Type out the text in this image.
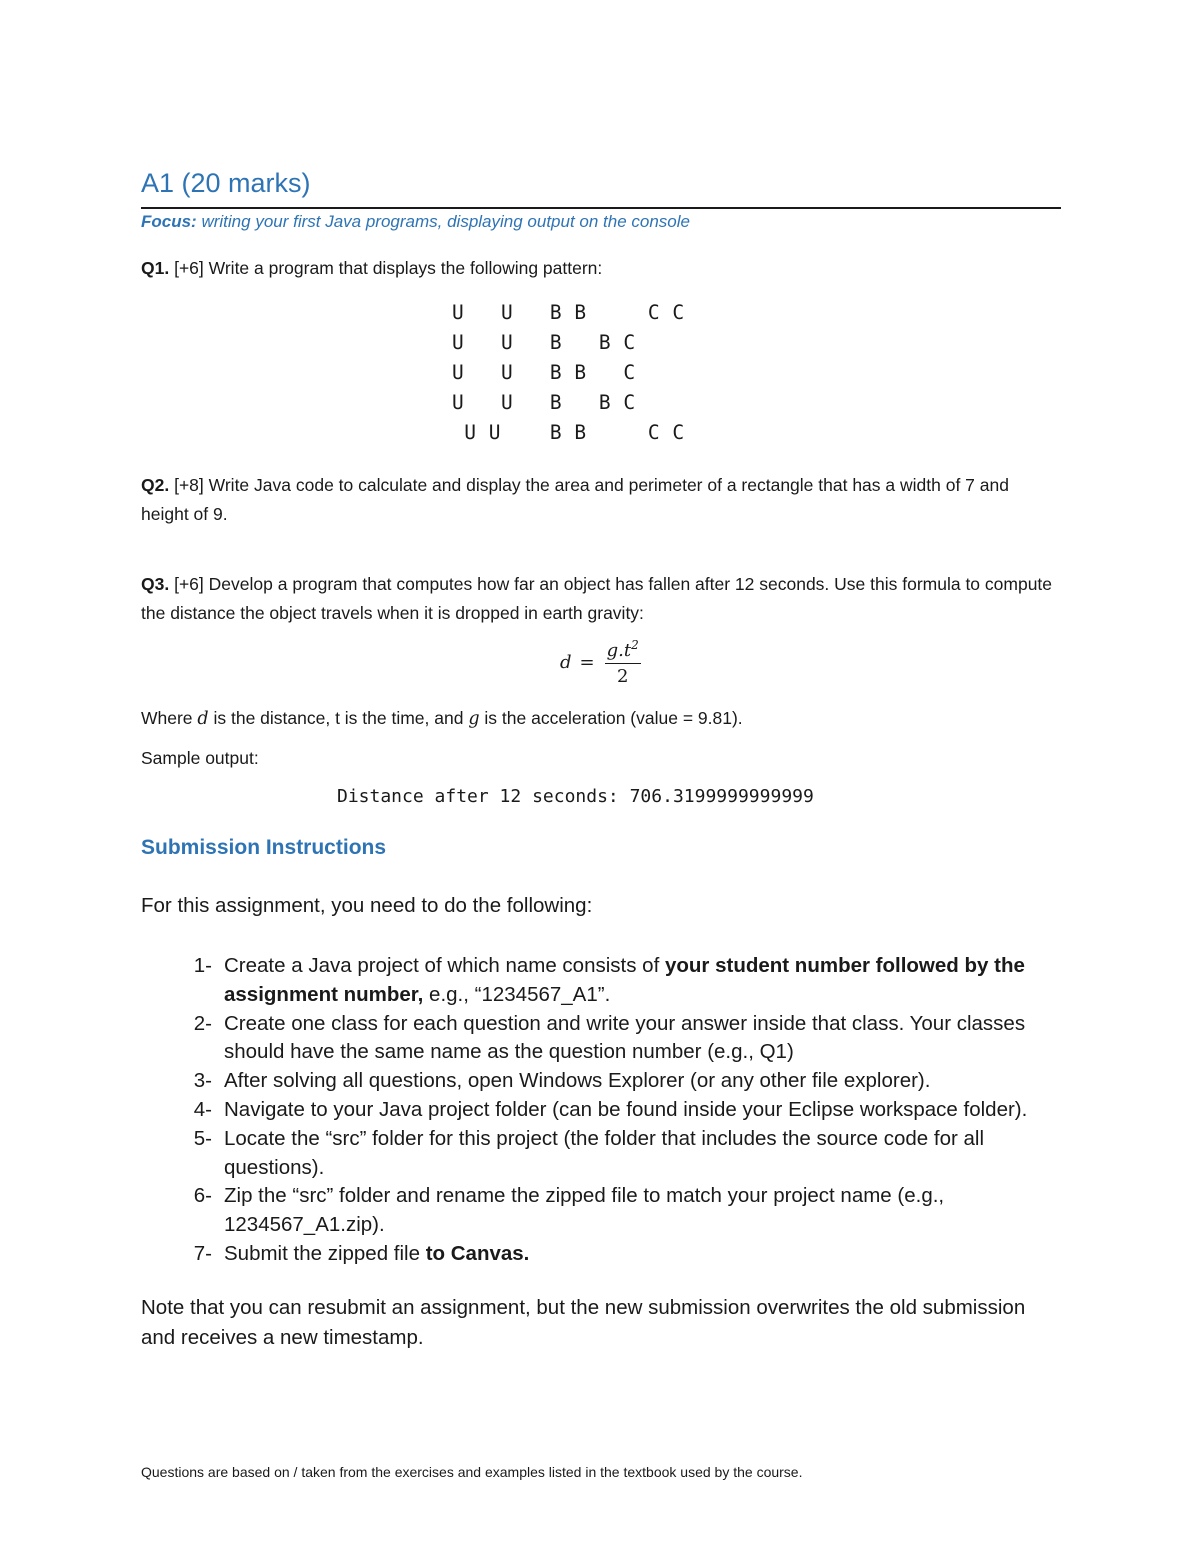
A1 (20 marks)
Focus: writing your first Java programs, displaying output on the console
Q1. [+6] Write a program that displays the following pattern:
U   U   B B     C C
U   U   B   B C
U   U   B B   C
U   U   B   B C
U U    B B     C C
Q2. [+8] Write Java code to calculate and display the area and perimeter of a rectangle that has a width of 7 and height of 9.
Q3. [+6] Develop a program that computes how far an object has fallen after 12 seconds. Use this formula to compute the distance the object travels when it is dropped in earth gravity:
$d = \frac{g.t^2}{2}$
Where d is the distance, t is the time, and g is the acceleration (value = 9.81).
Sample output:
Distance after 12 seconds: 706.3199999999999
Submission Instructions
For this assignment, you need to do the following:
1- Create a Java project of which name consists of your student number followed by the assignment number, e.g., “1234567_A1”.
2- Create one class for each question and write your answer inside that class. Your classes should have the same name as the question number (e.g., Q1)
3- After solving all questions, open Windows Explorer (or any other file explorer).
4- Navigate to your Java project folder (can be found inside your Eclipse workspace folder).
5- Locate the “src” folder for this project (the folder that includes the source code for all questions).
6- Zip the “src” folder and rename the zipped file to match your project name (e.g., 1234567_A1.zip).
7- Submit the zipped file to Canvas.
Note that you can resubmit an assignment, but the new submission overwrites the old submission and receives a new timestamp.
Questions are based on / taken from the exercises and examples listed in the textbook used by the course.
